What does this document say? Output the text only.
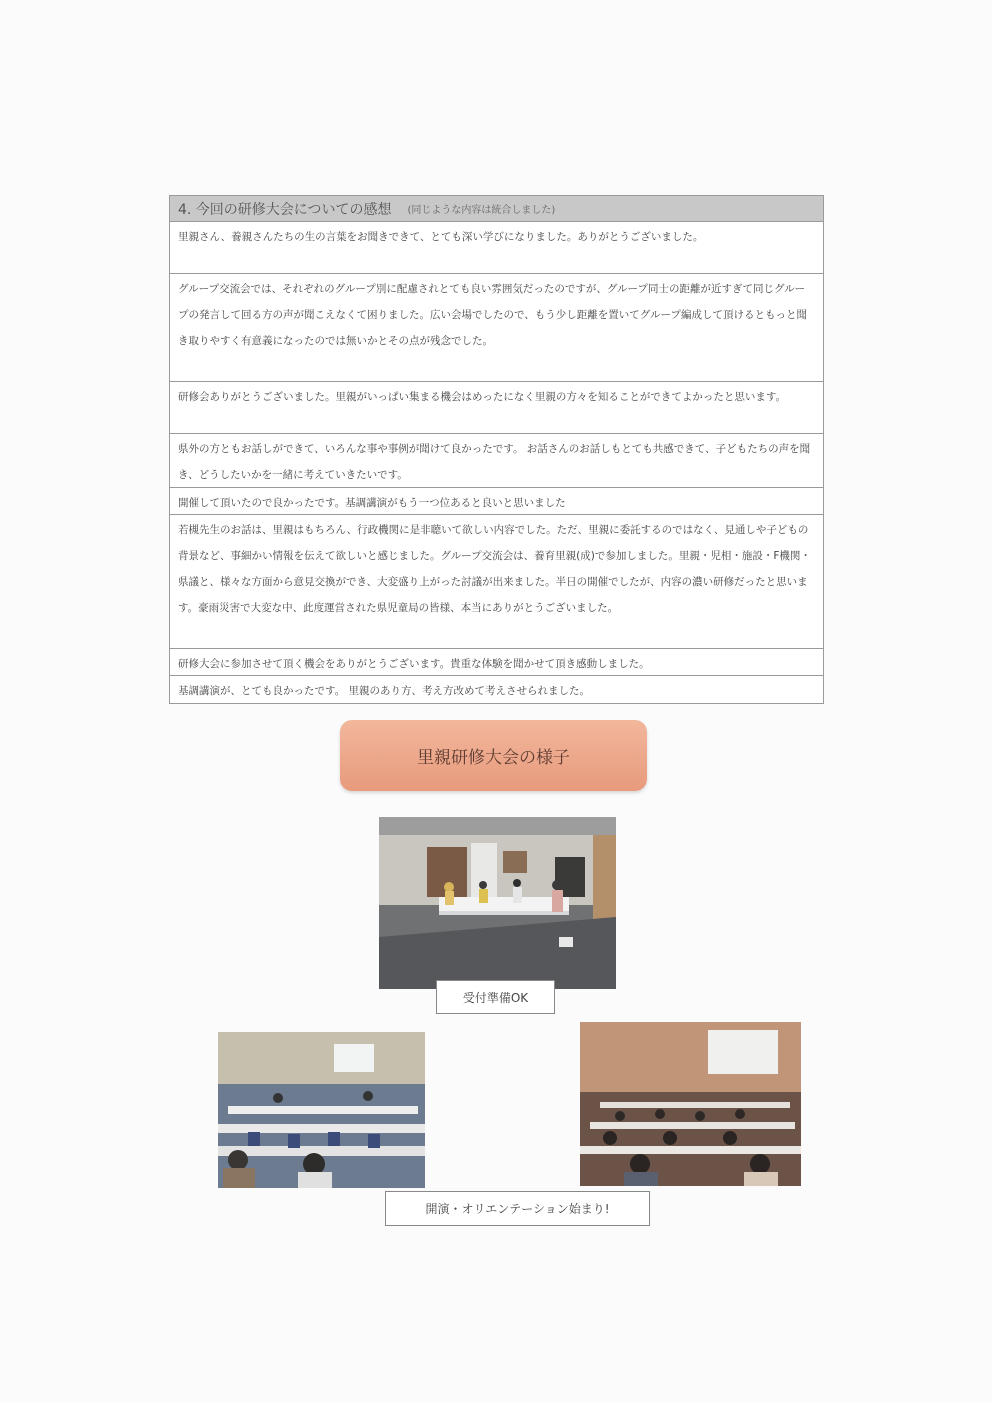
4. 今回の研修大会についての感想 (同じような内容は統合しました)
里親さん、養親さんたちの生の言葉をお聞きできて、とても深い学びになりました。ありがとうございました。
グループ交流会では、それぞれのグループ別に配慮されとても良い雰囲気だったのですが、グループ同士の距離が近すぎて同じグループの発言して回る方の声が聞こえなくて困りました。広い会場でしたので、もう少し距離を置いてグループ編成して頂けるともっと聞き取りやすく有意義になったのでは無いかとその点が残念でした。
研修会ありがとうございました。里親がいっぱい集まる機会はめったになく里親の方々を知ることができてよかったと思います。
県外の方ともお話しができて、いろんな事や事例が聞けて良かったです。 お話さんのお話しもとても共感できて、子どもたちの声を聞き、どうしたいかを一緒に考えていきたいです。
開催して頂いたので良かったです。基調講演がもう一つ位あると良いと思いました
若槻先生のお話は、里親はもちろん、行政機関に是非聴いて欲しい内容でした。ただ、里親に委託するのではなく、見通しや子どもの背景など、事細かい情報を伝えて欲しいと感じました。グループ交流会は、養育里親(成)で参加しました。里親・児相・施設・F機関・県議と、様々な方面から意見交換ができ、大変盛り上がった討議が出来ました。半日の開催でしたが、内容の濃い研修だったと思います。豪雨災害で大変な中、此度運営された県児童局の皆様、本当にありがとうございました。
研修大会に参加させて頂く機会をありがとうございます。貴重な体験を聞かせて頂き感動しました。
基調講演が、とても良かったです。 里親のあり方、考え方改めて考えさせられました。
里親研修大会の様子
受付準備OK
開演・オリエンテーション始まり!
